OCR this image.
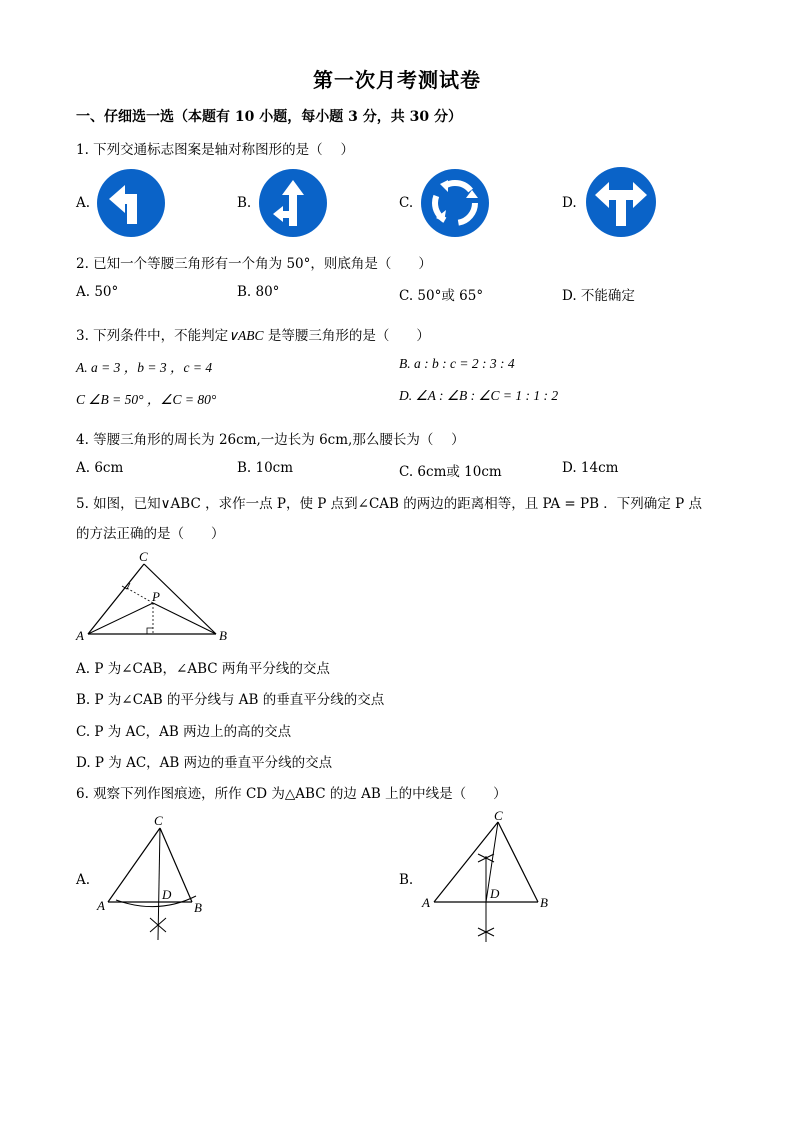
第一次月考测试卷
一、仔细选一选（本题有 10 小题，每小题 3 分，共 30 分）
1. 下列交通标志图案是轴对称图形的是（　 ）
A.	B.	C.	D.
2. 已知一个等腰三角形有一个角为 50°，则底角是（　　）
A. 50°	B. 80°	C. 50°或 65°	D. 不能确定
3. 下列条件中，不能判定∨ABC 是等腰三角形的是（　　）
A. a = 3 ，b = 3 ，c = 4	B. a : b : c = 2 : 3 : 4
C ∠B = 50° ，∠C = 80°	D. ∠A : ∠B : ∠C = 1 : 1 : 2
4. 等腰三角形的周长为 26cm,一边长为 6cm,那么腰长为（　 ）
A. 6cm	B. 10cm	C. 6cm或 10cm	D. 14cm
5. 如图，已知∨ABC ，求作一点 P，使 P 点到∠CAB 的两边的距离相等，且 PA = PB ．下列确定 P 点
的方法正确的是（　　）
C
P
A	B
A. P 为∠CAB，∠ABC 两角平分线的交点
B. P 为∠CAB 的平分线与 AB 的垂直平分线的交点
C. P 为 AC，AB 两边上的高的交点
D. P 为 AC，AB 两边的垂直平分线的交点
6. 观察下列作图痕迹，所作 CD 为△ABC 的边 AB 上的中线是（　　）
A.	B.
C
D
A	B
C
D
A	B
